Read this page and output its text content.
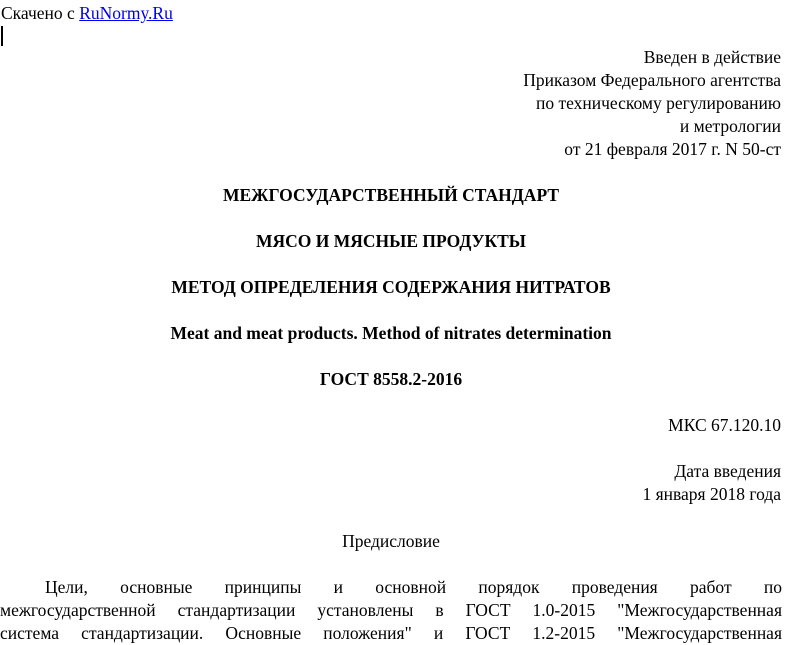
Скачено с RuNormy.Ru
Введен в действие
Приказом Федерального агентства
по техническому регулированию
и метрологии
от 21 февраля 2017 г. N 50-ст
МЕЖГОСУДАРСТВЕННЫЙ СТАНДАРТ
МЯСО И МЯСНЫЕ ПРОДУКТЫ
МЕТОД ОПРЕДЕЛЕНИЯ СОДЕРЖАНИЯ НИТРАТОВ
Meat and meat products. Method of nitrates determination
ГОСТ 8558.2-2016
МКС 67.120.10
Дата введения
1 января 2018 года
Предисловие
Цели, основные принципы и основной порядок проведения работ по
межгосударственной стандартизации установлены в ГОСТ 1.0-2015 "Межгосударственная
система стандартизации. Основные положения" и ГОСТ 1.2-2015 "Межгосударственная
